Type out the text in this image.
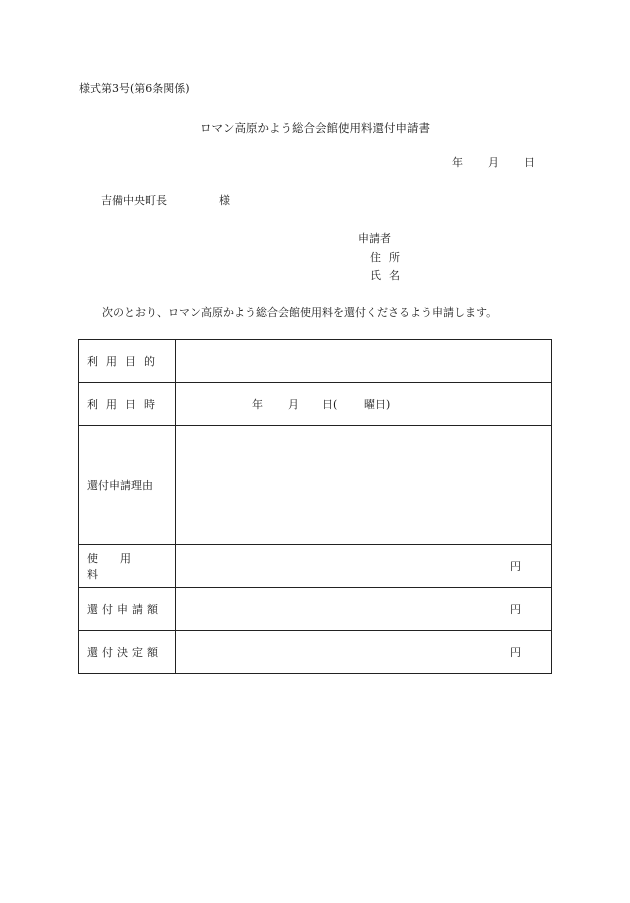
様式第3号(第6条関係)
ロマン高原かよう総合会館使用料還付申請書
年 月 日
吉備中央町長	様
申請者
住所
氏名
次のとおり、ロマン高原かよう総合会館使用料を還付くださるよう申請します。
利用目的	
利用日時	年 月 日( 曜日)

還付申請理由	
使用料	円

還付申請額	円

還付決定額	円
